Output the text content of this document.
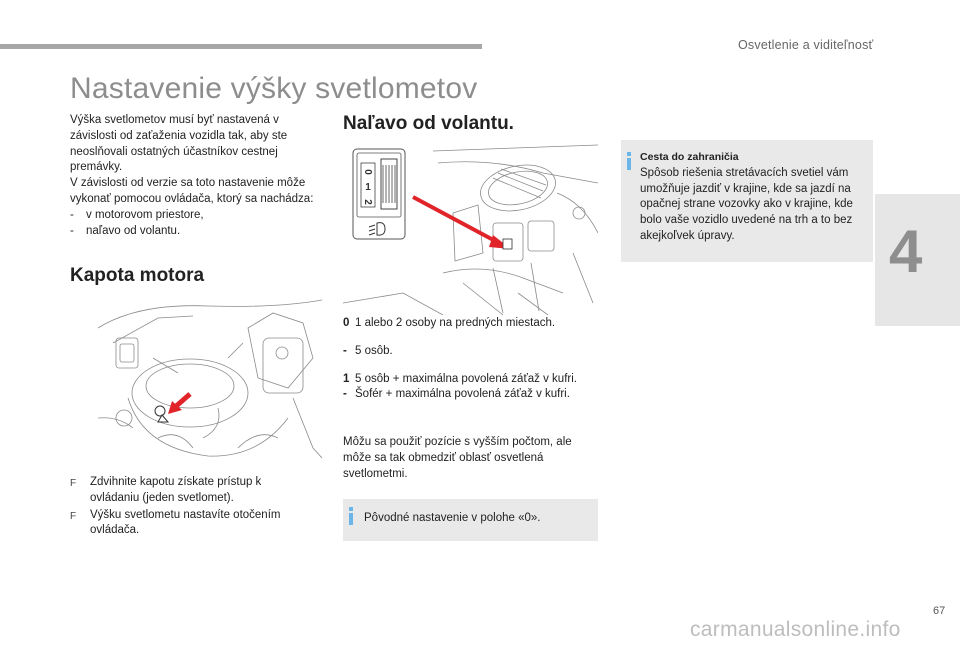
Osvetlenie a viditeľnosť
4
Nastavenie výšky svetlometov
Výška svetlometov musí byť nastavená v závislosti od zaťaženia vozidla tak, aby ste neoslňovali ostatných účastníkov cestnej premávky.
V závislosti od verzie sa toto nastavenie môže vykonať pomocou ovládača, ktorý sa nachádza:
-	v motorovom priestore,
-	naľavo od volantu.
Kapota motora
F	Zdvihnite kapotu získate prístup k ovládaniu (jeden svetlomet).
F	Výšku svetlometu nastavíte otočením ovládača.
Naľavo od volantu.
0
1
2
0 1 alebo 2 osoby na predných miestach.
- 5 osôb.
1 5 osôb + maximálna povolená záťaž v kufri.
- Šofér + maximálna povolená záťaž v kufri.
Môžu sa použiť pozície s vyšším počtom, ale môže sa tak obmedziť oblasť osvetlená svetlometmi.
Pôvodné nastavenie v polohe «0».
Cesta do zahraničia
Spôsob riešenia stretávacích svetiel vám umožňuje jazdiť v krajine, kde sa jazdí na opačnej strane vozovky ako v krajine, kde bolo vaše vozidlo uvedené na trh a to bez akejkoľvek úpravy.
67
carmanualsonline.info
